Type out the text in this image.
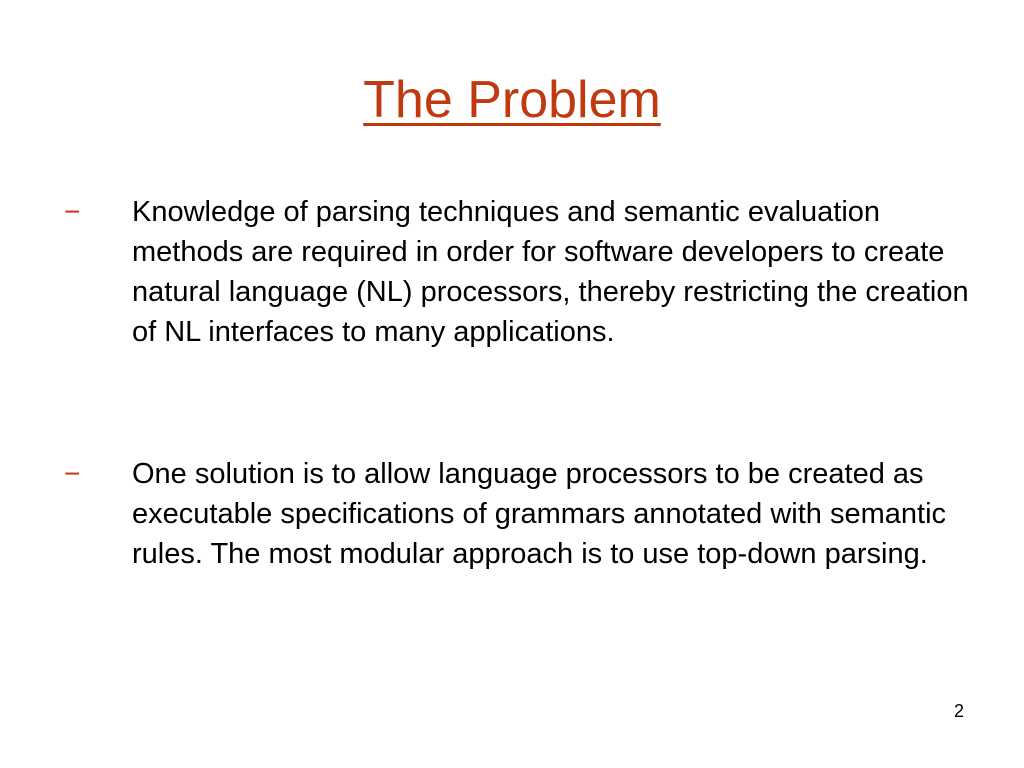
The Problem
−	Knowledge of parsing techniques and semantic evaluation methods are required in order for software developers to create natural language (NL) processors, thereby restricting the creation of NL interfaces to many applications.
−	One solution is to allow language processors to be created as executable specifications of grammars annotated with semantic rules. The most modular approach is to use top-down parsing.
2
